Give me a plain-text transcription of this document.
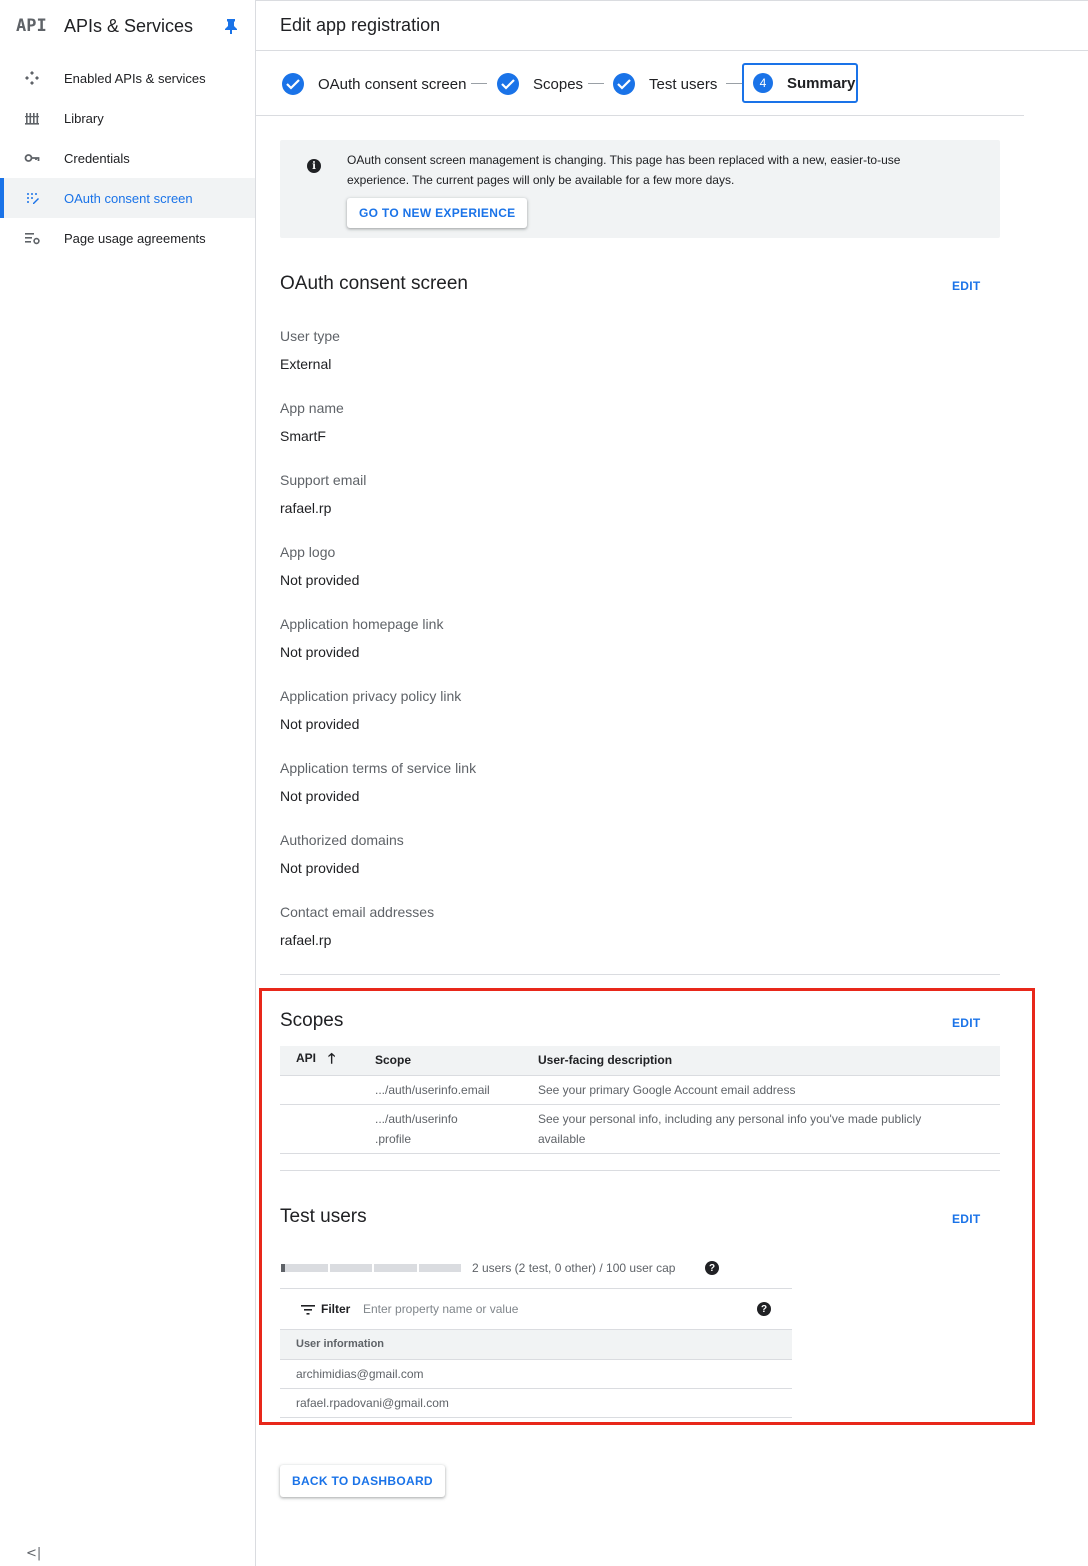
API APIs & Services
Enabled APIs & services
Library
Credentials
OAuth consent screen
Page usage agreements
<|
Edit app registration
OAuth consent screen	Scopes	Test users	4	Summary
i	OAuth consent screen management is changing. This page has been replaced with a new, easier-to-use experience. The current pages will only be available for a few more days.

GO TO NEW EXPERIENCE
OAuth consent screen	EDIT
User type
External
App name
SmartF
Support email
rafael.rp
App logo
Not provided
Application homepage link
Not provided
Application privacy policy link
Not provided
Application terms of service link
Not provided
Authorized domains
Not provided
Contact email addresses
rafael.rp
Scopes	EDIT
API 🡑	Scope	User-facing description
	.../auth/userinfo.email	See your primary Google Account email address
	.../auth/userinfo .profile	See your personal info, including any personal info you've made publicly available
Test users	EDIT
2 users (2 test, 0 other) / 100 user cap	?
Filter
Enter property name or value	?
User information
archimidias@gmail.com
rafael.rpadovani@gmail.com
BACK TO DASHBOARD
